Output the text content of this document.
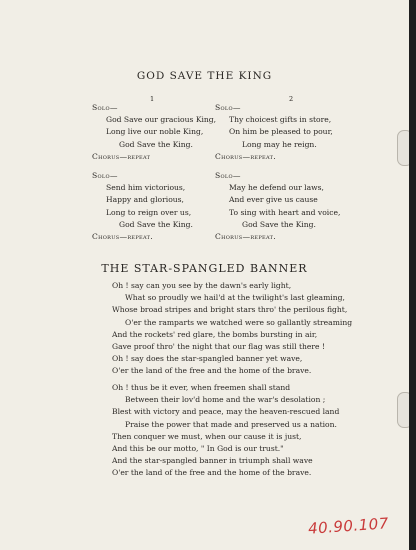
GOD SAVE THE KING
1	2
Solo—
God Save our gracious King,
Long live our noble King,
God Save the King.
Chorus—repeat
Solo—
Send him victorious,
Happy and glorious,
Long to reign over us,
God Save the King.
Chorus—repeat.
Solo—
Thy choicest gifts in store,
On him be pleased to pour,
Long may he reign.
Chorus—repeat.
Solo—
May he defend our laws,
And ever give us cause
To sing with heart and voice,
God Save the King.
Chorus—repeat.
THE STAR-SPANGLED BANNER
Oh ! say can you see by the dawn's early light,
What so proudly we hail'd at the twilight's last gleaming,
Whose broad stripes and bright stars thro' the perilous fight,
O'er the ramparts we watched were so gallantly streaming
And the rockets' red glare, the bombs bursting in air,
Gave proof thro' the night that our flag was still there !
Oh ! say does the star-spangled banner yet wave,
O'er the land of the free and the home of the brave.
Oh ! thus be it ever, when freemen shall stand
Between their lov'd home and the war's desolation ;
Blest with victory and peace, may the heaven-rescued land
Praise the power that made and preserved us a nation.
Then conquer we must, when our cause it is just,
And this be our motto, " In God is our trust."
And the star-spangled banner in triumph shall wave
O'er the land of the free and the home of the brave.
40.90.107
